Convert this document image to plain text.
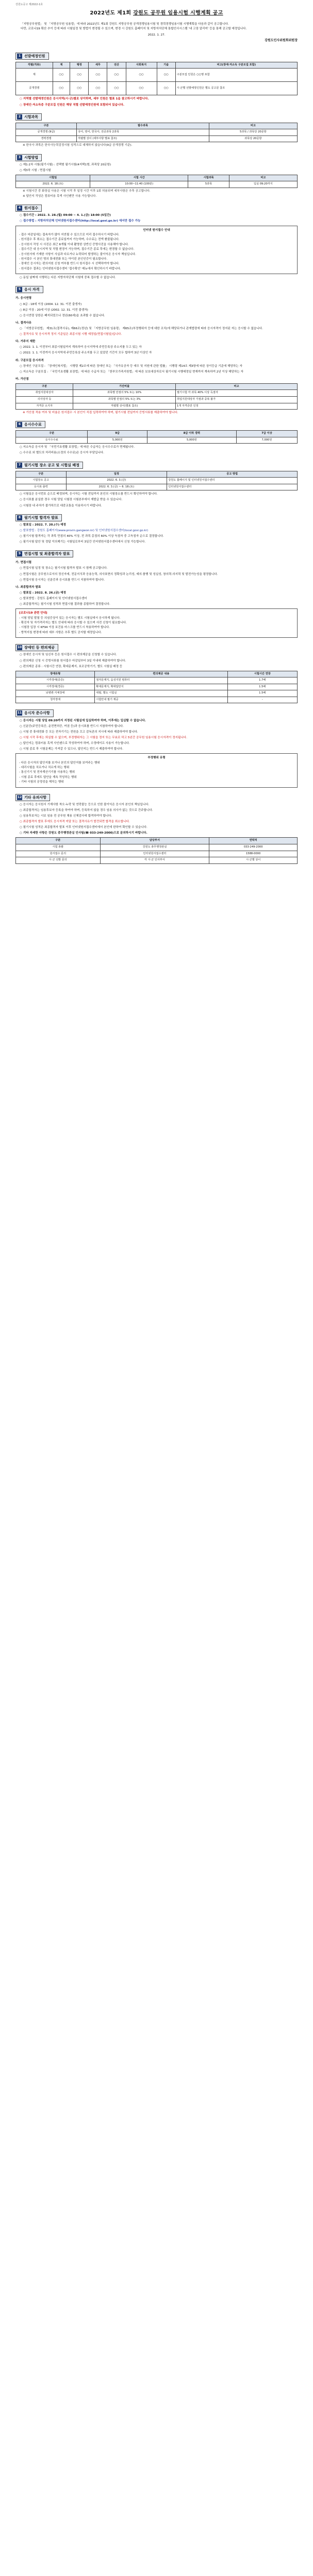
강원도공고 제2022-1호
2022년도 제1회 강원도 공무원 임용시험 시행계획 공고

「지방공무원법」 및 「지방공무원 임용령」에 따라 2022년도 제1회 강원도 지방공무원 공개경쟁임용시험 및 경력경쟁임용시험 시행계획을 다음과 같이 공고합니다.

다만, 코로나19 확산 추이 등에 따라 시험일정 및 방법이 변경될 수 있으며, 변경 시 강원도 홈페이지 및 지방자치단체 통합인사시스템 '내 고장 알리미' 등을 통해 공고할 예정입니다.

2022. 1. 27.
강원도인사위원회위원장
1 선발예정인원
직렬(직류)	계	행정	세무	전산	사회복지	기술	비고(장애·저소득 구분모집 포함)
계	○○	○○	○○	○○	○○	○○	구분모집 인원은 ○○명 포함
공개경쟁	○○	○○	○○	○○	○○	○○	시·군별 선발예정인원은 별도 공고문 참조
○ 지역별 선발예정인원은 응시지역(시·군)별로 상이하며, 세부 인원은 별표 1을 참고하시기 바랍니다.
○ 장애인·저소득층 구분모집 인원은 해당 직렬 선발예정인원에 포함되어 있습니다.
2 시험과목
구분	필수과목	비고
공개경쟁 (9급)	국어, 영어, 한국사, 전공과목 2과목	5과목 / 과목당 20문항
경력경쟁	직렬별 상이 (세부사항 별표 참조)	과목당 20문항
※ 한국사 과목은 한국사능력검정시험 성적으로 대체하지 않습니다(9급 공개경쟁 기준).
3 시험방법
○ 제1·2차 시험(필기시험) : 선택형 필기시험(4지택1형, 과목당 20문항)
○ 제3차 시험 : 면접시험
시험일	시험 시간	시험과목	비고
2022. 6. 18.(토)	10:00~11:40 (100분)	5과목	입실 09:20까지
※ 시험시간 중 화장실 사용은 시험 시작 후 일정 시간 이후 1회 허용되며 세부사항은 추후 공고합니다.
※ 답안지 작성은 컴퓨터용 흑색 사인펜만 사용 가능합니다.
4 원서접수
○ 접수기간 : 2022. 3. 28.(월) 09:00 ~ 4. 1.(금) 18:00 (5일간)
○ 접수방법 : 지방자치단체 인터넷원서접수센터(http://local.gosi.go.kr) 에서만 접수 가능

인터넷 원서접수 안내

- 접수 마감일에는 접속자가 많아 지연될 수 있으므로 미리 접수하시기 바랍니다.

- 원서접수 후 취소는 접수기간 종료일까지 가능하며, 수수료는 전액 환불됩니다.

- 응시원서 작성 시 사진은 최근 6개월 이내 촬영한 상반신 증명사진을 사용해야 합니다.

- 접수기간 내 응시지역 및 직렬 변경이 가능하며, 접수기간 종료 후에는 변경할 수 없습니다.

- 응시원서에 기재한 사항이 사실과 다르거나 누락되어 발생하는 불이익은 응시자 책임입니다.

- 원서접수 시 본인 명의 휴대전화 또는 아이핀 본인인증이 필요합니다.

- 장애인 응시자는 편의지원 신청 여부를 반드시 원서접수 시 선택하여야 합니다.

- 원서접수 결과는 인터넷원서접수센터 '접수확인' 메뉴에서 확인하시기 바랍니다.

○ 동일 날짜에 시행하는 다른 지방자치단체 시험에 중복 접수할 수 없습니다.
5 응시 자격
가. 응시연령
○ 9급 : 18세 이상 (2004. 12. 31. 이전 출생자)
○ 8급 이상 : 20세 이상 (2002. 12. 31. 이전 출생자)
○ 응시연령 상한은 폐지되었으나 정년(60세)을 초과할 수 없습니다.
나. 결격사유
○ 「지방공무원법」 제31조(결격사유), 제66조(정년) 및 「지방공무원 임용령」 제65조(부정행위자 등에 대한 조치)에 해당되거나 관계법령에 따라 응시자격이 정지된 자는 응시할 수 없습니다.
○ 결격사유 및 응시자격 정지 기준일은 최종시험 시행 예정일(면접시험일)입니다.
다. 거주지 제한
○ 2022. 1. 1. 이전부터 최종시험일까지 계속하여 응시지역에 주민등록상 주소지를 두고 있는 자
○ 2022. 1. 1. 이전까지 응시지역에 주민등록상 주소지를 두고 있었던 기간이 모두 합하여 3년 이상인 자
라. 구분모집 응시자격
○ 장애인 구분모집 : 「장애인복지법」 시행령 제2조에 따른 장애인 또는 「국가유공자 등 예우 및 지원에 관한 법률」 시행령 제14조 제3항에 따른 상이등급 기준에 해당하는 자
○ 저소득층 구분모집 : 「국민기초생활 보장법」에 따른 수급자 또는 「한부모가족지원법」에 따른 보호대상자로서 필기시험 시행예정일 현재까지 계속하여 2년 이상 해당하는 자
마. 가산점
구분	가산비율	비고
취업지원대상자	과목별 만점의 5% 또는 10%	필기시험 각 과목 40% 이상 득점자
의사상자 등	과목별 만점의 5% 또는 3%	취업지원대상자 가점과 중복 불가
자격증 소지자	직렬별 상이(별표 참조)	1개 자격증만 인정
※ 가산점 적용 여부 및 비율은 원서접수 시 본인이 직접 입력하여야 하며, 필기시험 전일까지 증빙서류를 제출하여야 합니다.
6 응시수수료
구분	9급	8급 이하 경력	7급 이상
응시수수료	5,000원	5,000원	7,000원
○ 저소득층 응시자 및 「국민기초생활 보장법」에 따른 수급자는 응시수수료가 면제됩니다.
○ 수수료 외 별도의 처리비용(소정의 수수료)은 응시자 부담입니다.
7 필기시험 장소 공고 및 시험실 배정
구분	일정	공고 방법
시험장소 공고	2022. 6. 3.(금)	강원도 홈페이지 및 인터넷원서접수센터
응시표 출력	2022. 6. 3.(금) ~ 6. 18.(토)	인터넷원서접수센터
○ 시험실은 응시번호 순으로 배정되며, 응시자는 시험 전일까지 본인의 시험장소를 반드시 확인하여야 합니다.
○ 응시표를 분실한 경우 시험 당일 시험장 시험본부에서 재발급 받을 수 있습니다.
○ 시험장 내 주차가 불가하므로 대중교통을 이용하시기 바랍니다.
8 필기시험 합격자 발표
○ 발표일 : 2022. 7. 20.(수) 예정
○ 발표방법 : 강원도 홈페이지(www.provin.gangwon.kr) 및 인터넷원서접수센터(local.gosi.go.kr)
○ 필기시험 합격자는 각 과목 만점의 40% 이상, 전 과목 총점의 60% 이상 득점자 중 고득점자 순으로 결정합니다.
○ 필기시험 답안 및 정답 이의제기는 시험일로부터 3일간 인터넷원서접수센터에서 신청 가능합니다.
9 면접시험 및 최종합격자 발표
가. 면접시험
○ 면접시험 일정 및 장소는 필기시험 합격자 발표 시 함께 공고합니다.
○ 면접시험은 공무원으로서의 정신자세, 전문지식과 응용능력, 의사표현의 정확성과 논리성, 예의·품행 및 성실성, 창의력·의지력 및 발전가능성을 평정합니다.
○ 면접시험 응시자는 신분증과 응시표를 반드시 지참하여야 합니다.
나. 최종합격자 발표
○ 발표일 : 2022. 8. 26.(금) 예정
○ 발표방법 : 강원도 홈페이지 및 인터넷원서접수센터
○ 최종합격자는 필기시험 성적과 면접시험 결과를 종합하여 결정합니다.

[코로나19 관련 안내]

- 시험 당일 발열 등 의심증상이 있는 응시자는 별도 시험실에서 응시하게 됩니다.

- 확진자 및 자가격리자는 별도 안내에 따라 응시할 수 있으며 사전 신청이 필요합니다.

- 시험장 입장 시 KF94 이상 보건용 마스크를 반드시 착용하여야 합니다.

- 방역지침 변경에 따라 세부 사항은 추후 별도 공지할 예정입니다.

10 장애인 등 편의제공
○ 장애인 응시자 및 임신부 등은 원서접수 시 편의제공을 신청할 수 있습니다.
○ 편의제공 신청 시 증빙서류를 원서접수 마감일부터 3일 이내에 제출하여야 합니다.
○ 편의제공 종류 : 시험시간 연장, 확대문제지, 보조공학기기, 별도 시험실 배정 등
장애유형	편의제공 내용	시험시간 연장
시각장애(중증)	점자문제지, 음성지원 컴퓨터	1.7배
시각장애(경증)	확대문제지, 확대답안지	1.5배
뇌병변·지체장애	대필, 별도 시험실	1.5배
청각장애	시험안내 필기 제공	-
11 응시자 준수사항
○ 응시자는 시험 당일 09:20까지 지정된 시험실에 입실하여야 하며, 이후에는 입실할 수 없습니다.
○ 신분증(주민등록증, 운전면허증, 여권 등)과 응시표를 반드시 지참하여야 합니다.
○ 시험 중 휴대전화 등 모든 전자기기는 전원을 끄고 감독관의 지시에 따라 제출하여야 합니다.
○ 시험 시작 후에는 퇴실할 수 없으며, 부정행위자는 그 시험을 정지 또는 무효로 하고 5년간 공무원 임용시험 응시자격이 정지됩니다.
○ 답안지는 컴퓨터용 흑색 사인펜으로 작성하여야 하며, 수정테이프 사용이 가능합니다.
○ 시험 종료 후 시험문제는 가져갈 수 있으나, 답안지는 반드시 제출하여야 합니다.

부정행위 유형

- 다른 응시자의 답안지를 보거나 본인의 답안지를 보여주는 행위

- 대리시험을 치르거나 치르게 하는 행위

- 통신기기 및 전자계산기기를 사용하는 행위

- 시험 종료 후에도 답안을 계속 작성하는 행위

- 기타 시험의 공정성을 해치는 행위

12 기타 유의사항
○ 응시자는 응시원서 기재사항 착오·누락 및 연락불능 등으로 인한 불이익은 응시자 본인의 책임입니다.
○ 최종합격자는 임용후보자 등록을 하여야 하며, 등록하지 않을 경우 임용 의사가 없는 것으로 간주합니다.
○ 임용후보자는 시보 임용 전 공무원 채용 신체검사에 합격하여야 합니다.
○ 최종합격자 발표 후에도 응시자격 미달 또는 결격사유가 발견되면 합격을 취소합니다.
○ 필기시험 성적은 최종합격자 발표 이후 인터넷원서접수센터에서 본인에 한하여 확인할 수 있습니다.
○ 기타 자세한 사항은 강원도 총무행정관실 인사팀(☎ 033-249-2000)으로 문의하시기 바랍니다.
구분	담당부서	연락처
시험 총괄	강원도 총무행정관실	033-249-2000
원서접수 문의	인터넷원서접수센터	1588-0000
시·군 선발 문의	각 시·군 인사부서	시·군별 상이
